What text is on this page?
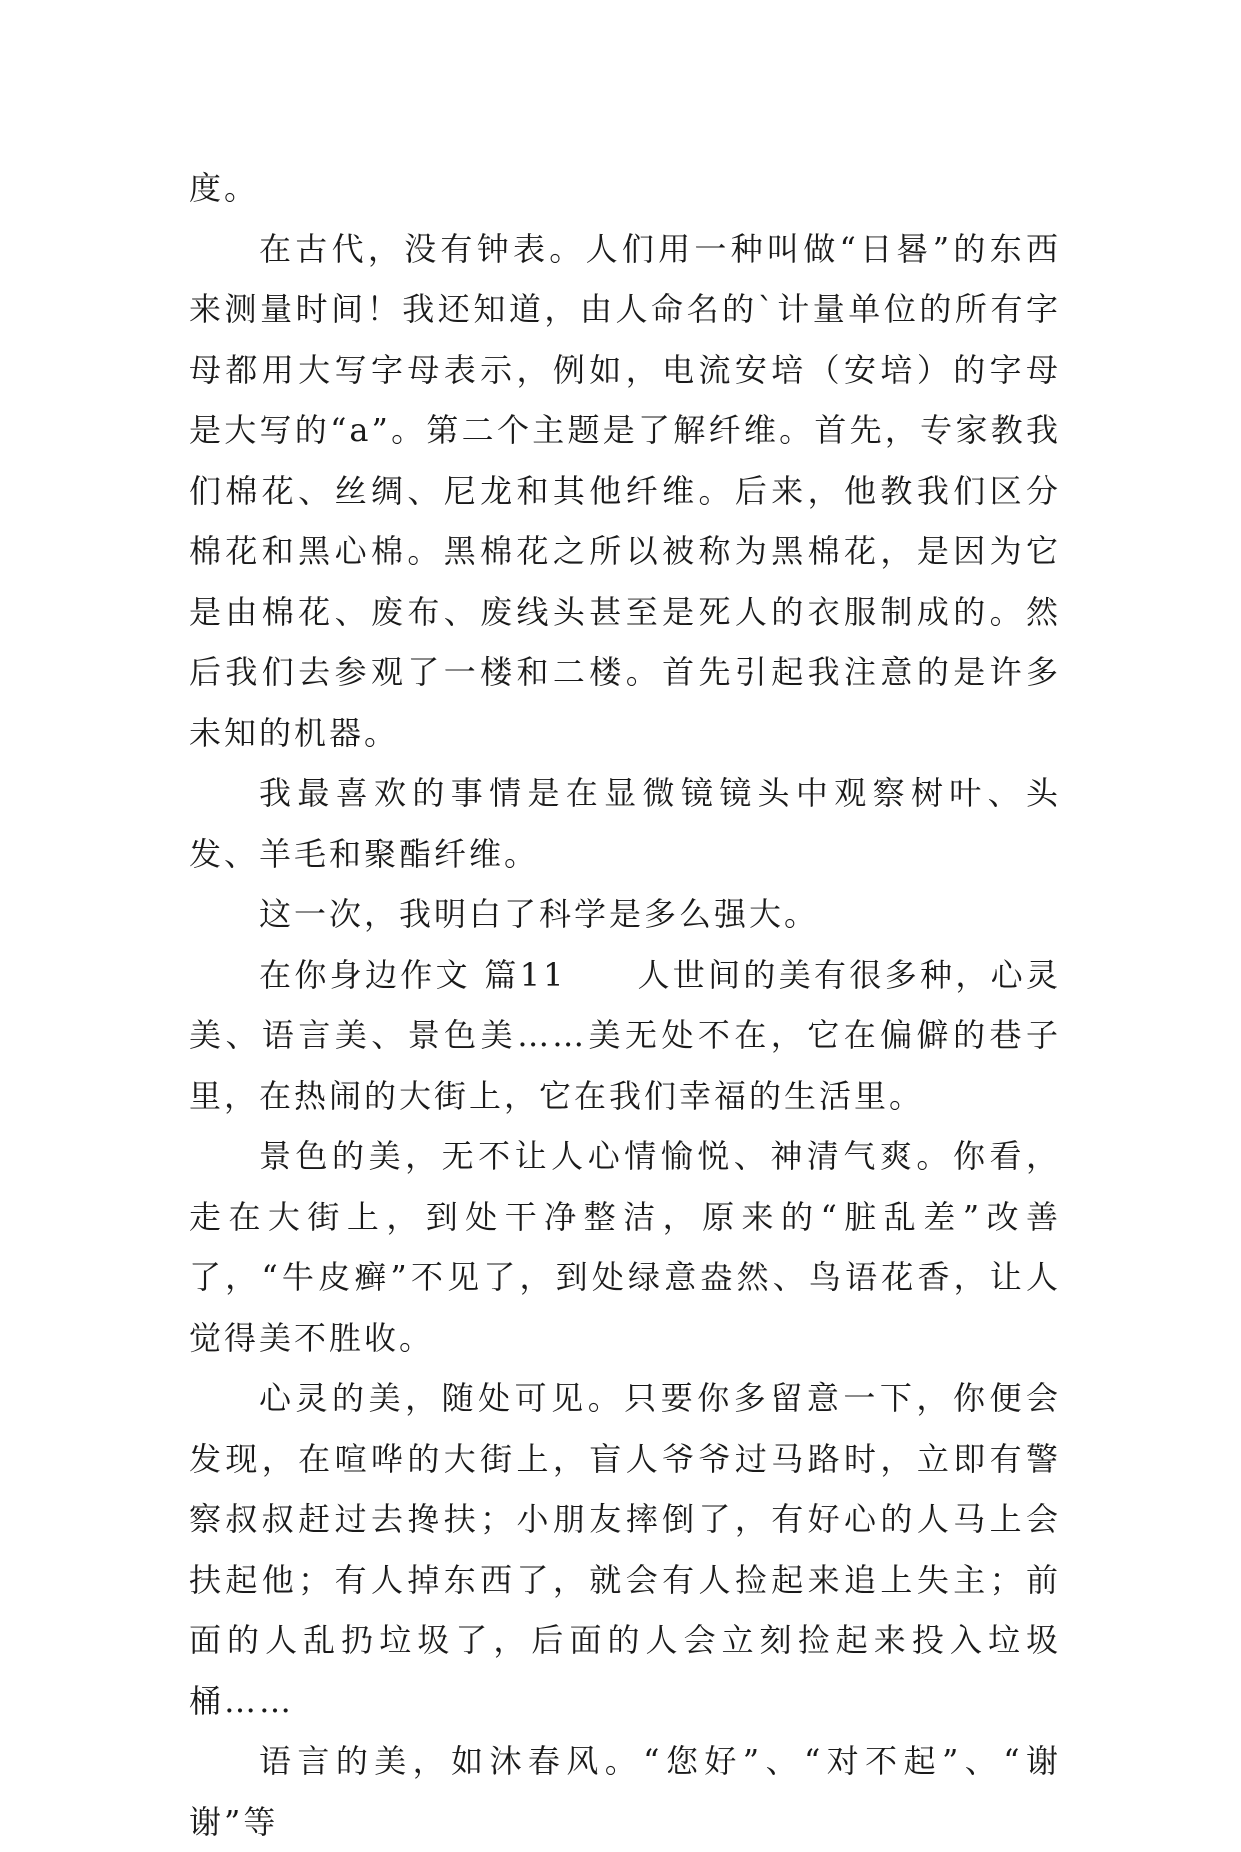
度。

在古代，没有钟表。人们用一种叫做“日晷”的东西来测量时间！我还知道，由人命名的`计量单位的所有字母都用大写字母表示，例如，电流安培（安培）的字母是大写的“a”。第二个主题是了解纤维。首先，专家教我们棉花、丝绸、尼龙和其他纤维。后来，他教我们区分棉花和黑心棉。黑棉花之所以被称为黑棉花，是因为它是由棉花、废布、废线头甚至是死人的衣服制成的。然后我们去参观了一楼和二楼。首先引起我注意的是许多未知的机器。

我最喜欢的事情是在显微镜镜头中观察树叶、头发、羊毛和聚酯纤维。

这一次，我明白了科学是多么强大。

在你身边作文 篇11　　人世间的美有很多种，心灵美、语言美、景色美……美无处不在，它在偏僻的巷子里，在热闹的大街上，它在我们幸福的生活里。

景色的美，无不让人心情愉悦、神清气爽。你看，走在大街上，到处干净整洁，原来的“脏乱差”改善了，“牛皮癣”不见了，到处绿意盎然、鸟语花香，让人觉得美不胜收。

心灵的美，随处可见。只要你多留意一下，你便会发现，在喧哗的大街上，盲人爷爷过马路时，立即有警察叔叔赶过去搀扶；小朋友摔倒了，有好心的人马上会扶起他；有人掉东西了，就会有人捡起来追上失主；前面的人乱扔垃圾了，后面的人会立刻捡起来投入垃圾桶……

语言的美，如沐春风。“您好”、“对不起”、“谢谢”等
